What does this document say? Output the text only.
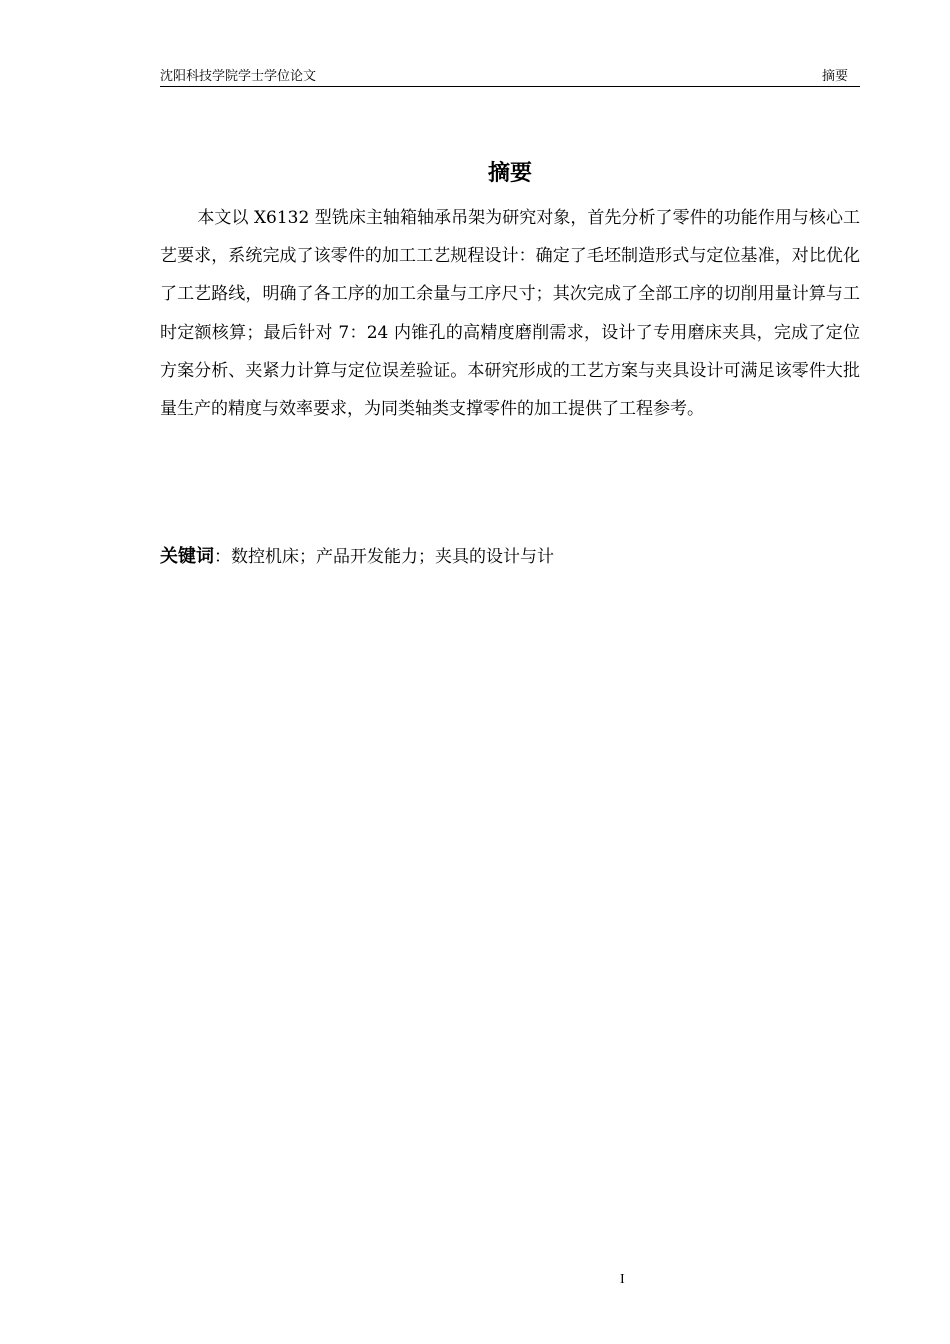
沈阳科技学院学士学位论文	摘要
摘要

本文以 X6132 型铣床主轴箱轴承吊架为研究对象，首先分析了零件的功能作用与核心工艺要求，系统完成了该零件的加工工艺规程设计：确定了毛坯制造形式与定位基准，对比优化了工艺路线，明确了各工序的加工余量与工序尺寸；其次完成了全部工序的切削用量计算与工时定额核算；最后针对 7：24 内锥孔的高精度磨削需求，设计了专用磨床夹具，完成了定位方案分析、夹紧力计算与定位误差验证。本研究形成的工艺方案与夹具设计可满足该零件大批量生产的精度与效率要求，为同类轴类支撑零件的加工提供了工程参考。

关键词：数控机床；产品开发能力；夹具的设计与计
I
